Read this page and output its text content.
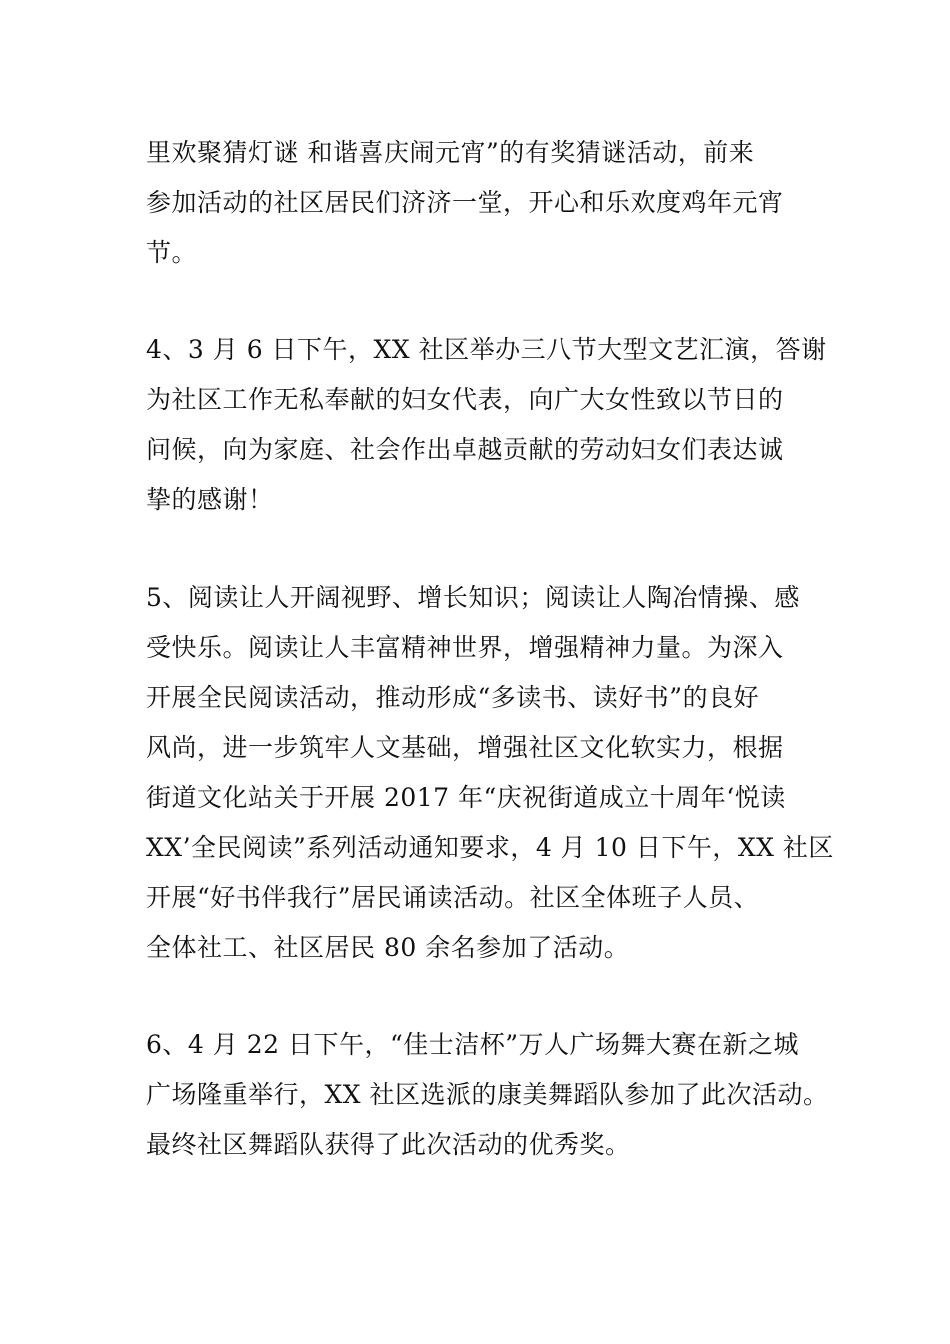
里欢聚猜灯谜 和谐喜庆闹元宵”的有奖猜谜活动，前来
参加活动的社区居民们济济一堂，开心和乐欢度鸡年元宵
节。
4、3 月 6 日下午，XX 社区举办三八节大型文艺汇演，答谢
为社区工作无私奉献的妇女代表，向广大女性致以节日的
问候，向为家庭、社会作出卓越贡献的劳动妇女们表达诚
挚的感谢！
5、阅读让人开阔视野、增长知识；阅读让人陶冶情操、感
受快乐。阅读让人丰富精神世界，增强精神力量。为深入
开展全民阅读活动，推动形成“多读书、读好书”的良好
风尚，进一步筑牢人文基础，增强社区文化软实力，根据
街道文化站关于开展 2017 年“庆祝街道成立十周年‘悦读
XX’全民阅读”系列活动通知要求，4 月 10 日下午，XX 社区
开展“好书伴我行”居民诵读活动。社区全体班子人员、
全体社工、社区居民 80 余名参加了活动。
6、4 月 22 日下午，“佳士洁杯”万人广场舞大赛在新之城
广场隆重举行，XX 社区选派的康美舞蹈队参加了此次活动。
最终社区舞蹈队获得了此次活动的优秀奖。
